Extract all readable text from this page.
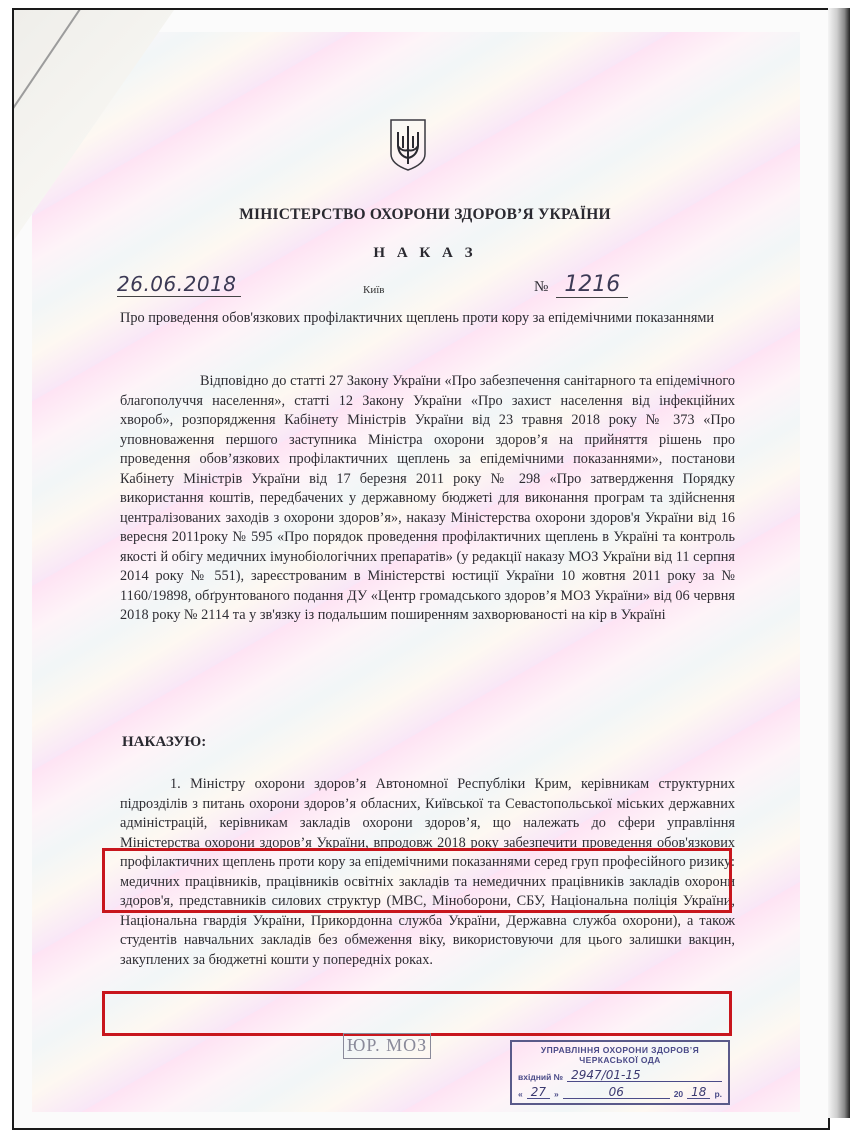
МІНІСТЕРСТВО ОХОРОНИ ЗДОРОВ’Я УКРАЇНИ
Н А К А З
26.06.2018	Київ	№ 1216
Про проведення обов'язкових профілактичних щеплень проти кору за епідемічними показаннями
Відповідно до статті 27 Закону України «Про забезпечення санітарного та епідемічного благополуччя населення», статті 12 Закону України «Про захист населення від інфекційних хвороб», розпорядження Кабінету Міністрів України від 23 травня 2018 року № 373 «Про уповноваження першого заступника Міністра охорони здоров’я на прийняття рішень про проведення обов’язкових профілактичних щеплень за епідемічними показаннями», постанови Кабінету Міністрів України від 17 березня 2011 року № 298 «Про затвердження Порядку використання коштів, передбачених у державному бюджеті для виконання програм та здійснення централізованих заходів з охорони здоров’я», наказу Міністерства охорони здоров'я України від 16 вересня 2011року № 595 «Про порядок проведення профілактичних щеплень в Україні та контроль якості й обігу медичних імунобіологічних препаратів» (у редакції наказу МОЗ України від 11 серпня 2014 року № 551), зареєстрованим в Міністерстві юстиції України 10 жовтня 2011 року за № 1160/19898, обґрунтованого подання ДУ «Центр громадського здоров’я МОЗ України» від 06 червня 2018 року № 2114 та у зв'язку із подальшим поширенням захворюваності на кір в Україні
НАКАЗУЮ:
1. Міністру охорони здоров’я Автономної Республіки Крим, керівникам структурних підрозділів з питань охорони здоров’я обласних, Київської та Севастопольської міських державних адміністрацій, керівникам закладів охорони здоров’я, що належать до сфери управління Міністерства охорони здоров’я України, впродовж 2018 року забезпечити проведення обов'язкових профілактичних щеплень проти кору за епідемічними показаннями серед груп професійного ризику: медичних працівників, працівників освітніх закладів та немедичних працівників закладів охорони здоров'я, представників силових структур (МВС, Міноборони, СБУ, Національна поліція України, Національна гвардія України, Прикордонна служба України, Державна служба охорони), а також студентів навчальних закладів без обмеження віку, використовуючи для цього залишки вакцин, закуплених за бюджетні кошти у попередніх роках.
ЮР. МОЗ	УПРАВЛІННЯ ОХОРОНИ ЗДОРОВ’Я
ЧЕРКАСЬКОЇ ОДА
вхідний № 2947/01-15
« 27 »	06	20 18 р.
